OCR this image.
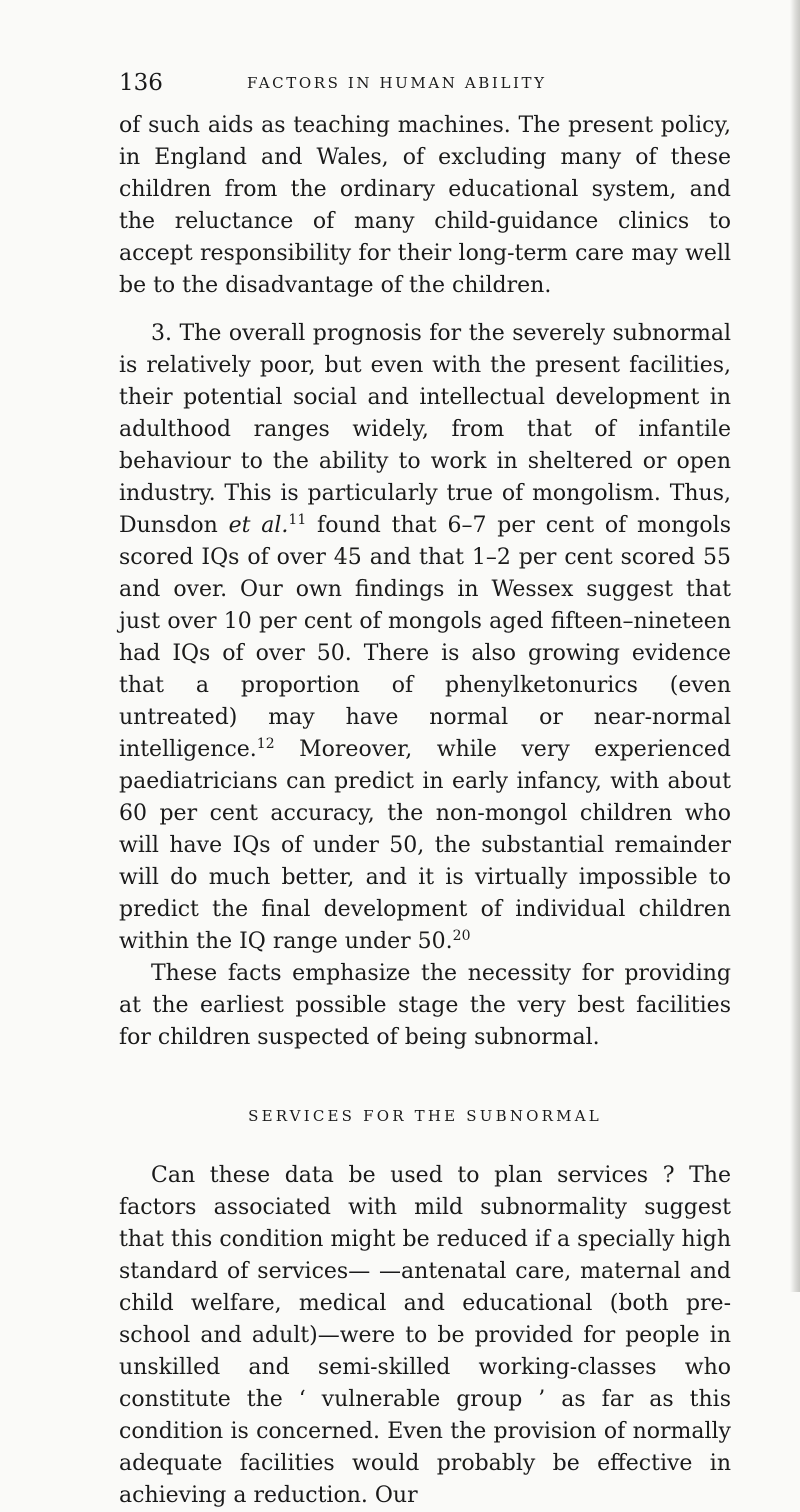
136	FACTORS IN HUMAN ABILITY

of such aids as teaching machines. The present policy, in England and Wales, of excluding many of these children from the ordinary educational system, and the reluctance of many child-guidance clinics to accept responsibility for their long-term care may well be to the disadvantage of the children.

3. The overall prognosis for the severely subnormal is relatively poor, but even with the present facilities, their potential social and intellectual development in adulthood ranges widely, from that of infantile behaviour to the ability to work in sheltered or open industry. This is particularly true of mongolism. Thus, Dunsdon et al.$^{11}$ found that 6–7 per cent of mongols scored IQs of over 45 and that 1–2 per cent scored 55 and over. Our own findings in Wessex suggest that just over 10 per cent of mongols aged fifteen–nineteen had IQs of over 50. There is also growing evidence that a proportion of phenylketonurics (even untreated) may have normal or near-normal intelligence.$^{12}$ Moreover, while very experienced paediatricians can predict in early infancy, with about 60 per cent accuracy, the non-mongol children who will have IQs of under 50, the substantial remainder will do much better, and it is virtually impossible to predict the final development of individual children within the IQ range under 50.20

These facts emphasize the necessity for providing at the earliest possible stage the very best facilities for children suspected of being subnormal.

SERVICES FOR THE SUBNORMAL

Can these data be used to plan services ? The factors associated with mild subnormality suggest that this condition might be reduced if a specially high standard of services— —antenatal care, maternal and child welfare, medical and educational (both pre-school and adult)—were to be provided for people in unskilled and semi-skilled working-classes who constitute the ‘ vulnerable group ’ as far as this condition is concerned. Even the provision of normally adequate facilities would probably be effective in achieving a reduction. Our
